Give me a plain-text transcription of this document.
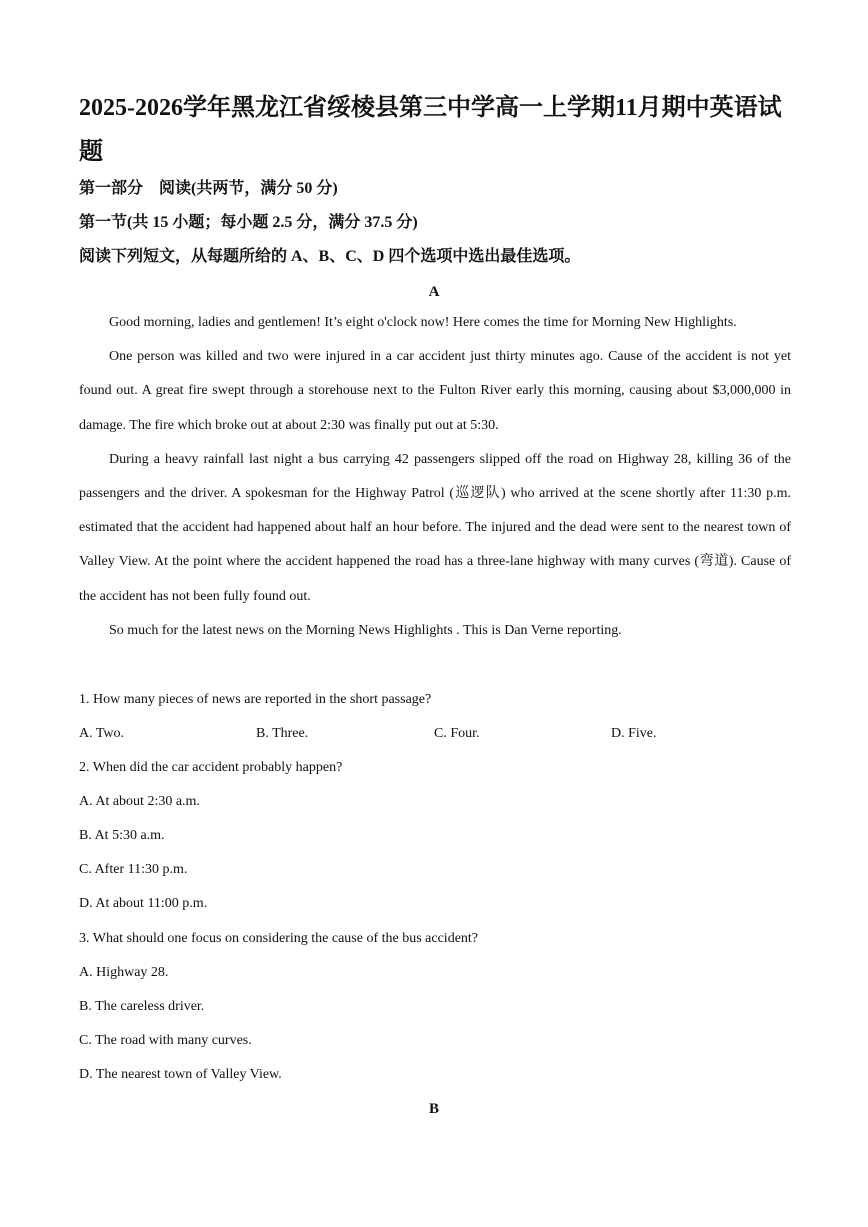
2025-2026学年黑龙江省绥棱县第三中学高一上学期11月期中英语试题
第一部分　阅读(共两节，满分 50 分)
第一节(共 15 小题；每小题 2.5 分，满分 37.5 分)
阅读下列短文，从每题所给的 A、B、C、D 四个选项中选出最佳选项。
A

Good morning, ladies and gentlemen! It’s eight o'clock now! Here comes the time for Morning New Highlights.

One person was killed and two were injured in a car accident just thirty minutes ago. Cause of the accident is not yet found out. A great fire swept through a storehouse next to the Fulton River early this morning, causing about $3,000,000 in damage. The fire which broke out at about 2:30 was finally put out at 5:30.

During a heavy rainfall last night a bus carrying 42 passengers slipped off the road on Highway 28, killing 36 of the passengers and the driver. A spokesman for the Highway Patrol (巡逻队) who arrived at the scene shortly after 11:30 p.m. estimated that the accident had happened about half an hour before. The injured and the dead were sent to the nearest town of Valley View. At the point where the accident happened the road has a three-lane highway with many curves (弯道). Cause of the accident has not been fully found out.

So much for the latest news on the Morning News Highlights . This is Dan Verne reporting.

1. How many pieces of news are reported in the short passage?
A. Two.	B. Three.	C. Four.	D. Five.
2. When did the car accident probably happen?
A. At about 2:30 a.m.
B. At 5:30 a.m.
C. After 11:30 p.m.
D. At about 11:00 p.m.
3. What should one focus on considering the cause of the bus accident?
A. Highway 28.
B. The careless driver.
C. The road with many curves.
D. The nearest town of Valley View.
B
